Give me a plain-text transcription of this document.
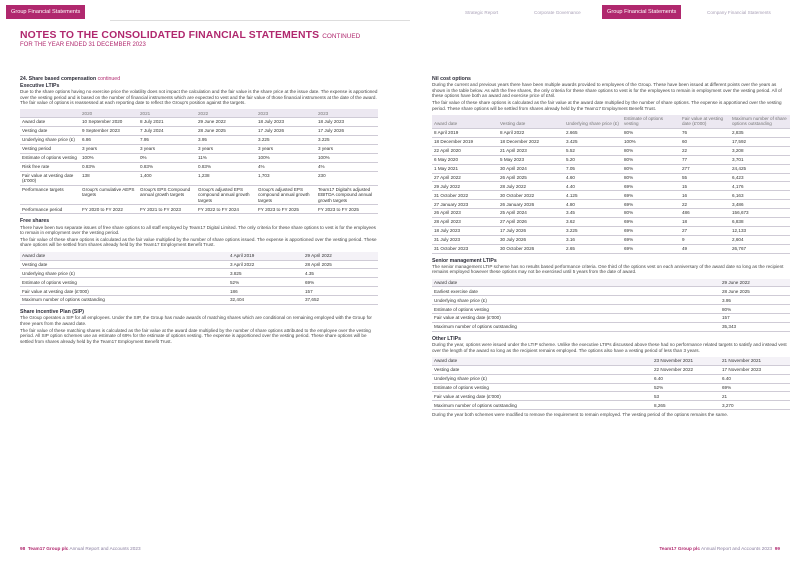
Group Financial Statements	Strategic Report	Corporate Governance	Group Financial Statements	Company Financial Statements
NOTES TO THE CONSOLIDATED FINANCIAL STATEMENTS CONTINUED
FOR THE YEAR ENDED 31 DECEMBER 2023
24. Share based compensation continued
Executive LTIPs
Due to the share options having no exercise price the volatility does not impact the calculation and the fair value is the share price at the issue date. The expense is apportioned over the vesting period and is based on the number of financial instruments which are expected to vest and the fair value of those financial instruments at the date of the award. The fair value of options is reassessed at each reporting date to reflect the Group's position against the targets.
	2020	2021	2022	2023	2023
Award date	10 September 2020	8 July 2021	29 June 2022	18 July 2023	18 July 2023
Vesting date	9 September 2023	7 July 2024	28 June 2025	17 July 2026	17 July 2026
Underlying share price (£)	6.86	7.95	3.95	3.225	3.225
Vesting period	3 years	3 years	3 years	3 years	3 years
Estimate of options vesting	100%	0%	11%	100%	100%
Risk free rate	0.83%	0.83%	0.83%	4%	4%
Fair value at vesting date (£'000)	138	1,400	1,238	1,703	230
Performance targets	Group's cumulative AEPS targets	Group's EPS Compound annual growth targets	Group's adjusted EPS compound annual growth targets	Group's adjusted EPS compound annual growth targets	Team17 Digital's adjusted EBITDA compound annual growth targets
Performance period	FY 2020 to FY 2022	FY 2021 to FY 2023	FY 2022 to FY 2024	FY 2023 to FY 2025	FY 2023 to FY 2025
Free shares
There have been two separate issues of free share options to all staff employed by Team17 Digital Limited. The only criteria for these share options to vest is for the employees to remain in employment over the vesting period.
The fair value of these share options is calculated as the fair value multiplied by the number of share options issued. The expense is apportioned over the vesting period. These share options will be settled from shares already held by the Team17 Employment Benefit Trust.
Award date	4 April 2019	29 April 2022
Vesting date	3 April 2022	28 April 2025
Underlying share price (£)	3.825	4.35
Estimate of options vesting	52%	69%
Fair value at vesting date (£'000)	186	157
Maximum number of options outstanding	32,404	37,652
Share incentive Plan (SIP)
The Group operates a SIP for all employees. Under the SIP, the Group has made awards of matching shares which are conditional on remaining employed with the Group for three years from the award date.
The fair value of these matching shares is calculated as the fair value at the award date multiplied by the number of share options attributed to the employee over the vesting period. All SIP option schemes use an estimate of 69% for the estimate of options vesting. The expense is apportioned over the vesting period. These share options will be settled from shares already held by the Team17 Employment Benefit Trust.
Nil cost options
During the current and previous years there have been multiple awards provided to employees of the Group. These have been issued at different points over the years as shown in the table below. As with the free shares, the only criteria for these share options to vest is for the employees to remain in employment over the vesting period. All of these options have both an award and exercise price of £Nil.
The fair value of these share options is calculated as the fair value at the award date multiplied by the number of share options. The expense is apportioned over the vesting period. These share options will be settled from shares already held by the Team17 Employment Benefit Trust.
Award date	Vesting date	Underlying share price (£)	Estimate of options vesting	Fair value at vesting date (£'000)	Maximum number of share options outstanding
8 April 2019	8 April 2022	2.665	80%	76	2,835
18 December 2019	18 December 2022	3.425	100%	60	17,592
22 April 2020	21 April 2023	5.52	80%	22	3,208
6 May 2020	5 May 2023	5.20	80%	77	3,701
1 May 2021	30 April 2024	7.05	80%	277	24,425
27 April 2022	26 April 2025	4.60	80%	55	6,423
29 July 2022	28 July 2022	4.40	69%	15	4,176
31 October 2022	30 October 2022	4.125	69%	16	6,163
27 January 2023	26 January 2026	4.80	69%	22	3,486
26 April 2023	25 April 2024	3.45	80%	486	156,673
28 April 2023	27 April 2026	3.62	69%	18	6,838
18 July 2023	17 July 2026	3.225	69%	27	12,133
31 July 2023	30 July 2026	3.16	69%	9	2,604
31 October 2023	30 October 2026	2.65	69%	49	26,767
Senior management LTIPs
The senior management LTIP scheme has no results based performance criteria. One third of the options vest on each anniversary of the award date so long as the recipient remains employed however these options may not be exercised until 5 years from the date of award.
Award date	29 June 2022
Earliest exercise date	28 June 2025
Underlying share price (£)	3.95
Estimate of options vesting	80%
Fair value at vesting date (£'000)	157
Maximum number of options outstanding	35,343
Other LTIPs
During the year, options were issued under the LTIP scheme. Unlike the executive LTIPs discussed above these had no performance related targets to satisfy and instead vest over the length of the award so long as the recipient remains employed. The options also have a vesting period of less than 3 years.
Award date	23 November 2021	21 November 2021
Vesting date	22 November 2022	17 November 2023
Underlying share price (£)	6.40	6.40
Estimate of options vesting	52%	69%
Fair value at vesting date (£'000)	53	21
Maximum number of options outstanding	8,265	3,270
During the year both schemes were modified to remove the requirement to remain employed. The vesting period of the options remains the same.
98 Team17 Group plc Annual Report and Accounts 2023	Team17 Group plc Annual Report and Accounts 2023 99
